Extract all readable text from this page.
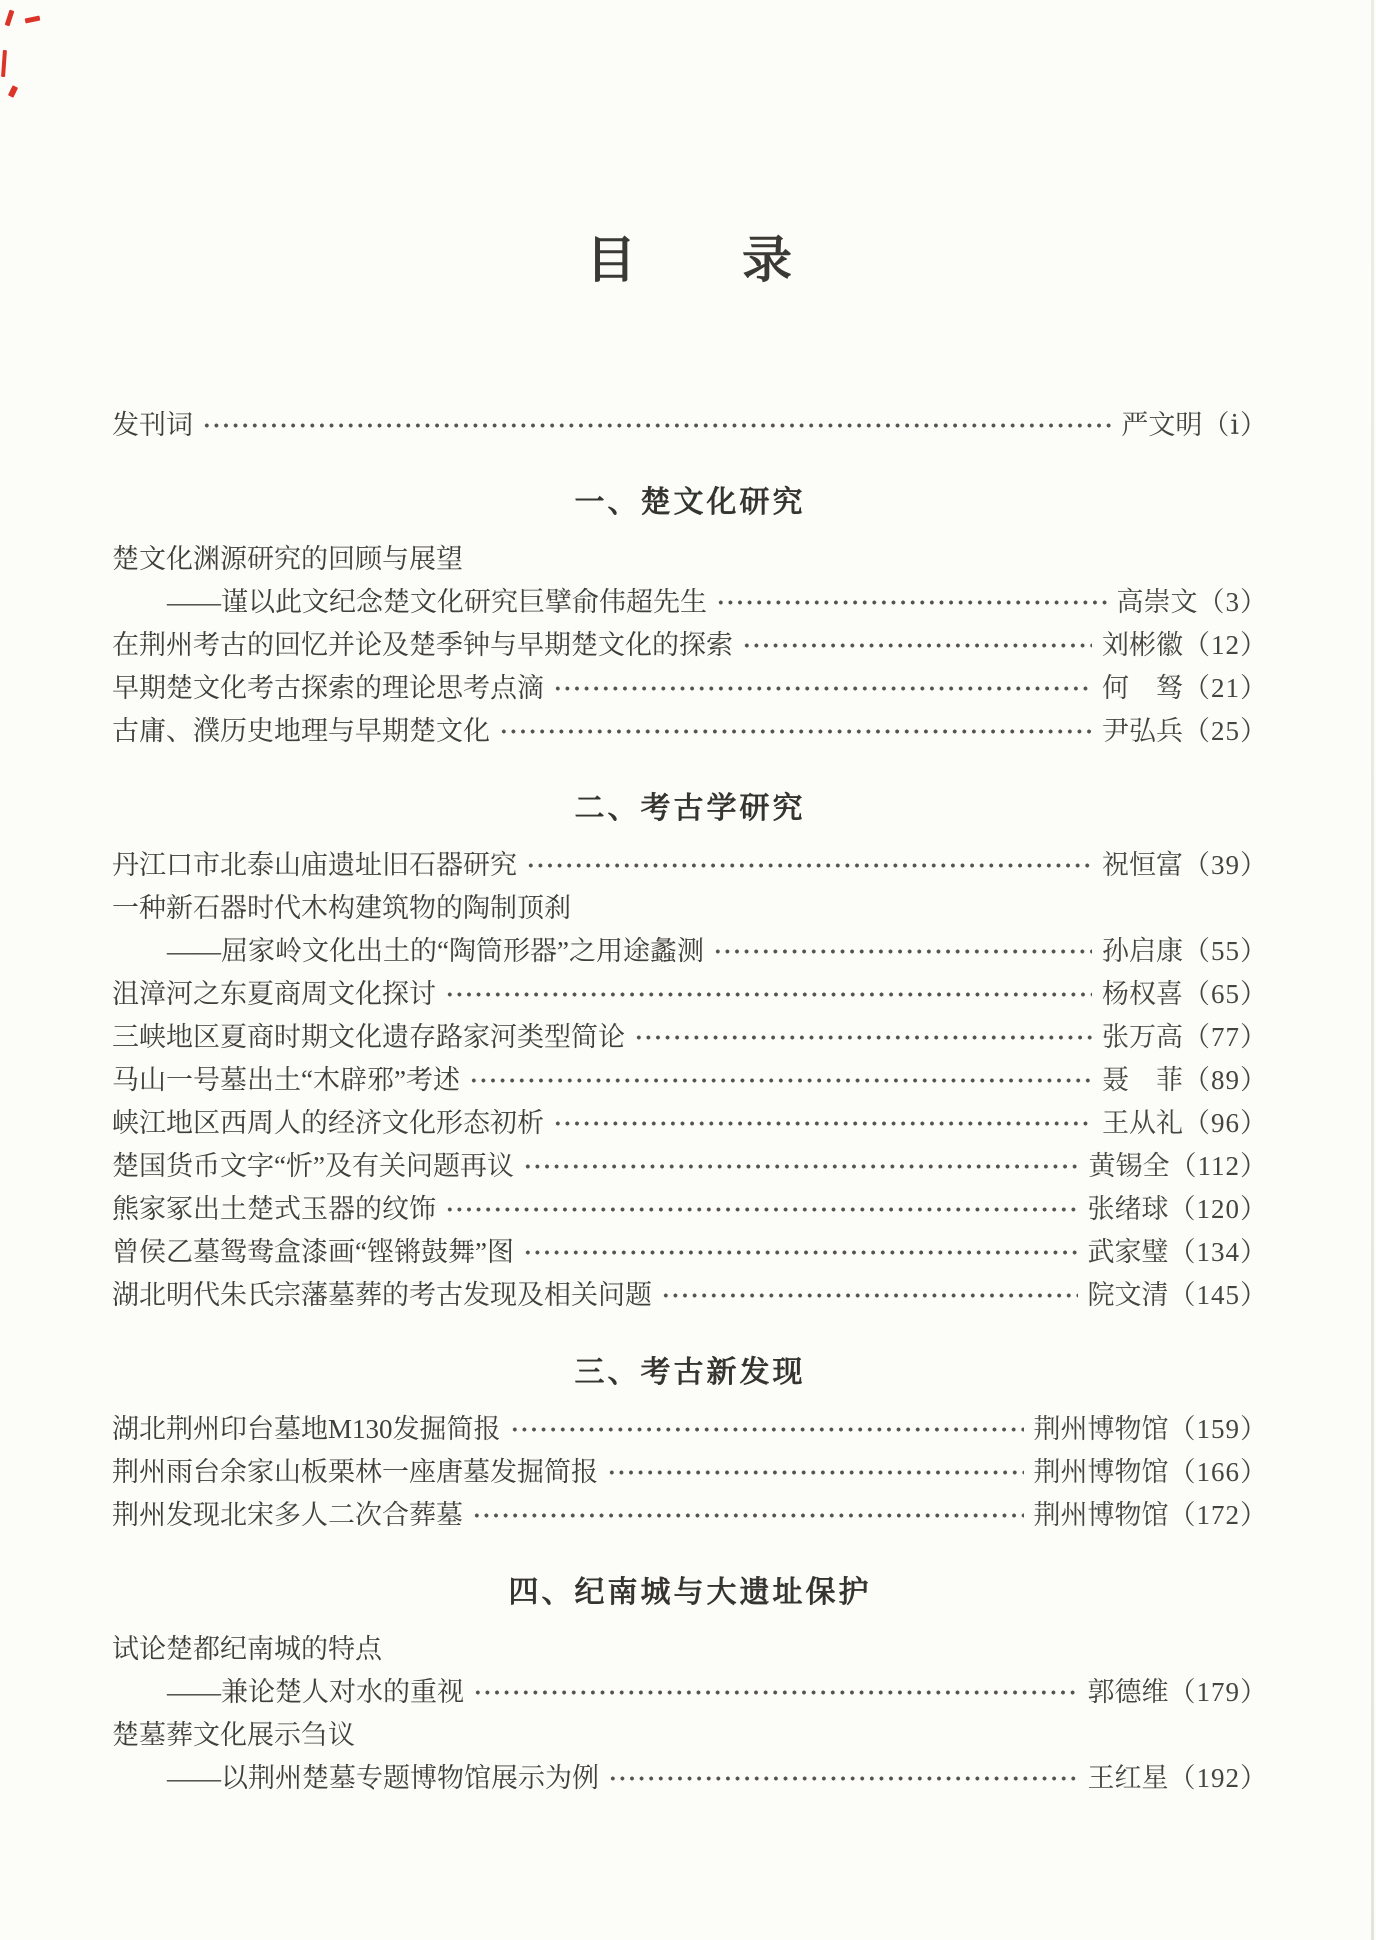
目　　录
发刊词	严文明 （ⅰ）
一、楚文化研究
楚文化渊源研究的回顾与展望
——谨以此文纪念楚文化研究巨擘俞伟超先生	高崇文 （3）
在荆州考古的回忆并论及楚季钟与早期楚文化的探索	刘彬徽 （12）
早期楚文化考古探索的理论思考点滴	何　驽 （21）
古庸、濮历史地理与早期楚文化	尹弘兵 （25）
二、考古学研究
丹江口市北泰山庙遗址旧石器研究	祝恒富 （39）
一种新石器时代木构建筑物的陶制顶刹
——屈家岭文化出土的“陶筒形器”之用途蠡测	孙启康 （55）
沮漳河之东夏商周文化探讨	杨权喜 （65）
三峡地区夏商时期文化遗存路家河类型简论	张万高 （77）
马山一号墓出土“木辟邪”考述	聂　菲 （89）
峡江地区西周人的经济文化形态初析	王从礼 （96）
楚国货币文字“忻”及有关问题再议	黄锡全 （112）
熊家冢出土楚式玉器的纹饰	张绪球 （120）
曾侯乙墓鸳鸯盒漆画“铿锵鼓舞”图	武家璧 （134）
湖北明代朱氏宗藩墓葬的考古发现及相关问题	院文清 （145）
三、考古新发现
湖北荆州印台墓地M130发掘简报	荆州博物馆 （159）
荆州雨台余家山板栗林一座唐墓发掘简报	荆州博物馆 （166）
荆州发现北宋多人二次合葬墓	荆州博物馆 （172）
四、纪南城与大遗址保护
试论楚都纪南城的特点
——兼论楚人对水的重视	郭德维 （179）
楚墓葬文化展示刍议
——以荆州楚墓专题博物馆展示为例	王红星 （192）
